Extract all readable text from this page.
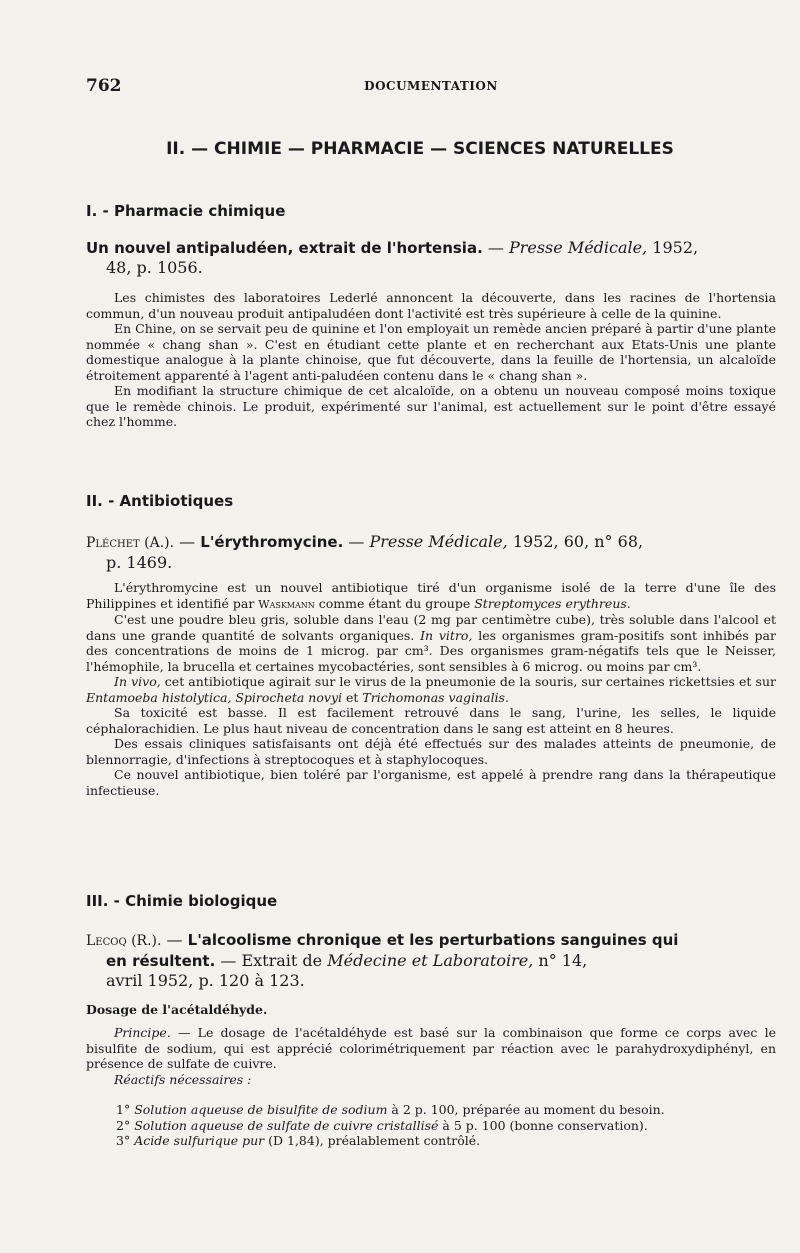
762	DOCUMENTATION
II. — CHIMIE — PHARMACIE — SCIENCES NATURELLES
I. - Pharmacie chimique
Un nouvel antipaludéen, extrait de l'hortensia. — Presse Médicale, 1952,
48, p. 1056.

Les chimistes des laboratoires Lederlé annoncent la découverte, dans les racines de l'hortensia commun, d'un nouveau produit antipaludéen dont l'activité est très supérieure à celle de la quinine.

En Chine, on se servait peu de quinine et l'on employait un remède ancien préparé à partir d'une plante nommée « chang shan ». C'est en étudiant cette plante et en recherchant aux Etats-Unis une plante domestique analogue à la plante chinoise, que fut découverte, dans la feuille de l'hortensia, un alcaloïde étroitement apparenté à l'agent anti-paludéen contenu dans le « chang shan ».

En modifiant la structure chimique de cet alcaloïde, on a obtenu un nouveau composé moins toxique que le remède chinois. Le produit, expérimenté sur l'animal, est actuellement sur le point d'être essayé chez l'homme.

II. - Antibiotiques
Pléchet (A.). — L'érythromycine. — Presse Médicale, 1952, 60, n° 68,
p. 1469.

L'érythromycine est un nouvel antibiotique tiré d'un organisme isolé de la terre d'une île des Philippines et identifié par Waskmann comme étant du groupe Streptomyces erythreus.

C'est une poudre bleu gris, soluble dans l'eau (2 mg par centimètre cube), très soluble dans l'alcool et dans une grande quantité de solvants organiques. In vitro, les organismes gram-positifs sont inhibés par des concentrations de moins de 1 microg. par cm³. Des organismes gram-négatifs tels que le Neisser, l'hémophile, la brucella et certaines mycobactéries, sont sensibles à 6 microg. ou moins par cm³.

In vivo, cet antibiotique agirait sur le virus de la pneumonie de la souris, sur certaines rickettsies et sur Entamoeba histolytica, Spirocheta novyi et Trichomonas vaginalis.

Sa toxicité est basse. Il est facilement retrouvé dans le sang, l'urine, les selles, le liquide céphalorachidien. Le plus haut niveau de concentration dans le sang est atteint en 8 heures.

Des essais cliniques satisfaisants ont déjà été effectués sur des malades atteints de pneumonie, de blennorragie, d'infections à streptocoques et à staphylocoques.

Ce nouvel antibiotique, bien toléré par l'organisme, est appelé à prendre rang dans la thérapeutique infectieuse.

III. - Chimie biologique
Lecoq (R.). — L'alcoolisme chronique et les perturbations sanguines qui
en résultent. — Extrait de Médecine et Laboratoire, n° 14,
avril 1952, p. 120 à 123.
Dosage de l'acétaldéhyde.

Principe. — Le dosage de l'acétaldéhyde est basé sur la combinaison que forme ce corps avec le bisulfite de sodium, qui est apprécié colorimétriquement par réaction avec le parahydroxydiphényl, en présence de sulfate de cuivre.

Réactifs nécessaires :

1° Solution aqueuse de bisulfite de sodium à 2 p. 100, préparée au moment du besoin.

2° Solution aqueuse de sulfate de cuivre cristallisé à 5 p. 100 (bonne conservation).

3° Acide sulfurique pur (D 1,84), préalablement contrôlé.
